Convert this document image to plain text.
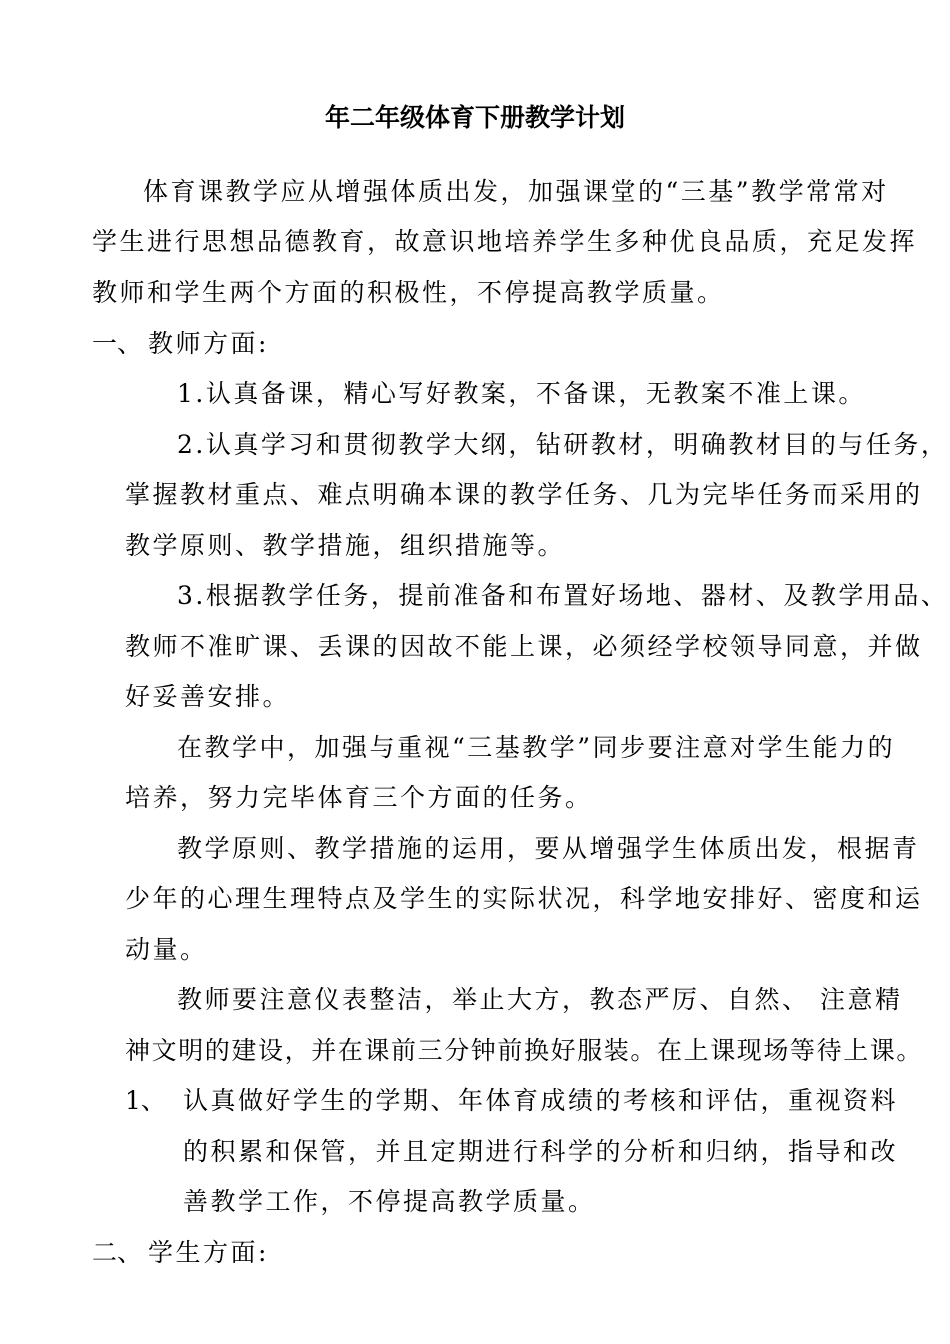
年二年级体育下册教学计划
体育课教学应从增强体质出发，加强课堂的“三基”教学常常对
学生进行思想品德教育，故意识地培养学生多种优良品质，充足发挥
教师和学生两个方面的积极性，不停提高教学质量。
一、 教师方面:
1.认真备课，精心写好教案，不备课，无教案不准上课。
2.认真学习和贯彻教学大纲，钻研教材，明确教材目的与任务，
掌握教材重点、难点明确本课的教学任务、几为完毕任务而采用的
教学原则、教学措施，组织措施等。
3.根据教学任务，提前准备和布置好场地、器材、及教学用品、
教师不准旷课、丢课的因故不能上课，必须经学校领导同意，并做
好妥善安排。
在教学中，加强与重视“三基教学”同步要注意对学生能力的
培养，努力完毕体育三个方面的任务。
教学原则、教学措施的运用，要从增强学生体质出发，根据青
少年的心理生理特点及学生的实际状况，科学地安排好、密度和运
动量。
教师要注意仪表整洁，举止大方，教态严厉、自然、 注意精
神文明的建设，并在课前三分钟前换好服装。在上课现场等待上课。
1、 认真做好学生的学期、年体育成绩的考核和评估，重视资料
的积累和保管，并且定期进行科学的分析和归纳，指导和改
善教学工作，不停提高教学质量。
二、 学生方面:
